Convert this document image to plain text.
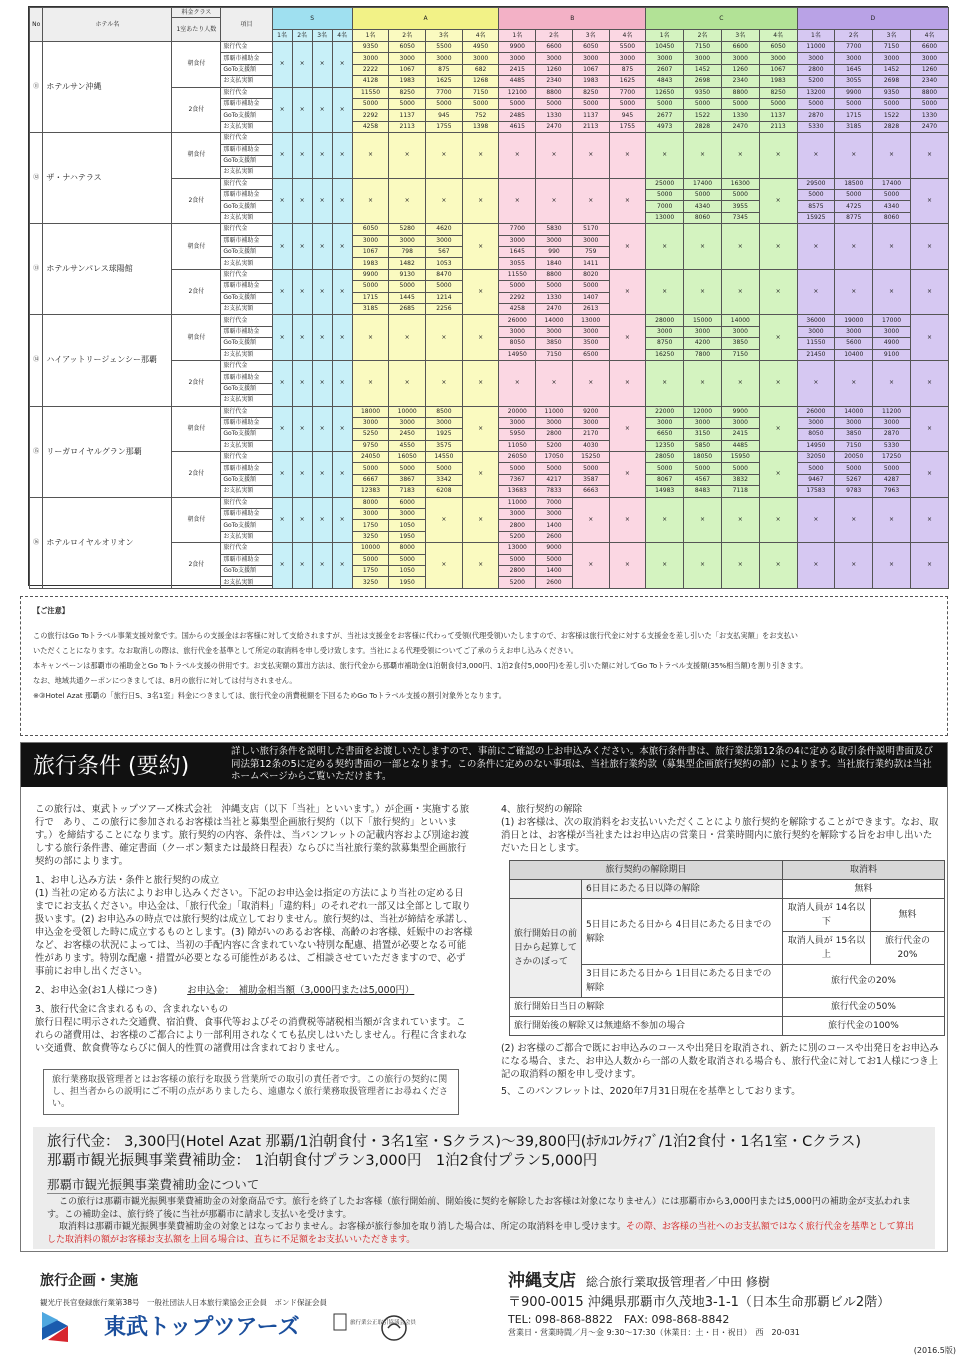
No	ホテル名	料金クラス	項目	S				A				B				C				D			
		1室あたり人数																					
				1名	2名	3名	4名	1名	2名	3名	4名	1名	2名	3名	4名	1名	2名	3名	4名	1名	2名	3名	4名
⑪	ホテルサン沖縄	朝食付	旅行代金	×	×	×	×	9350	6050	5500	4950	9900	6600	6050	5500	10450	7150	6600	6050	11000	7700	7150	6600
			那覇市補助金					3000	3000	3000	3000	3000	3000	3000	3000	3000	3000	3000	3000	3000	3000	3000	3000
			GoTo支援額					2222	1067	875	682	2415	1260	1067	875	2607	1452	1260	1067	2800	1645	1452	1260
			お支払実額					4128	1983	1625	1268	4485	2340	1983	1625	4843	2698	2340	1983	5200	3055	2698	2340
		2食付	旅行代金	×	×	×	×	11550	8250	7700	7150	12100	8800	8250	7700	12650	9350	8800	8250	13200	9900	9350	8800
			那覇市補助金					5000	5000	5000	5000	5000	5000	5000	5000	5000	5000	5000	5000	5000	5000	5000	5000
			GoTo支援額					2292	1137	945	752	2485	1330	1137	945	2677	1522	1330	1137	2870	1715	1522	1330
			お支払実額					4258	2113	1755	1398	4615	2470	2113	1755	4973	2828	2470	2113	5330	3185	2828	2470
⑫	ザ・ナハテラス	朝食付	旅行代金	×	×	×	×	×	×	×	×	×	×	×	×	×	×	×	×	×	×	×	×
			那覇市補助金																				
			GoTo支援額																				
			お支払実額																				
		2食付	旅行代金	×	×	×	×	×	×	×	×	×	×	×	×	25000	17400	16300	×	29500	18500	17400	×
			那覇市補助金													5000	5000	5000		5000	5000	5000	
			GoTo支援額													7000	4340	3955		8575	4725	4340	
			お支払実額													13000	8060	7345		15925	8775	8060	
⑬	ホテルサンパレス球陽館	朝食付	旅行代金	×	×	×	×	6050	5280	4620	×	7700	5830	5170	×	×	×	×	×	×	×	×	×
			那覇市補助金					3000	3000	3000		3000	3000	3000									
			GoTo支援額					1067	798	567		1645	990	759									
			お支払実額					1983	1482	1053		3055	1840	1411									
		2食付	旅行代金	×	×	×	×	9900	9130	8470	×	11550	8800	8020	×	×	×	×	×	×	×	×	×
			那覇市補助金					5000	5000	5000		5000	5000	5000									
			GoTo支援額					1715	1445	1214		2292	1330	1407									
			お支払実額					3185	2685	2256		4258	2470	2613									
⑭	ハイアットリージェンシー那覇	朝食付	旅行代金	×	×	×	×	×	×	×	×	26000	14000	13000	×	28000	15000	14000	×	36000	19000	17000	×
			那覇市補助金									3000	3000	3000		3000	3000	3000		3000	3000	3000	
			GoTo支援額									8050	3850	3500		8750	4200	3850		11550	5600	4900	
			お支払実額									14950	7150	6500		16250	7800	7150		21450	10400	9100	
		2食付	旅行代金	×	×	×	×	×	×	×	×	×	×	×	×	×	×	×	×	×	×	×	×
			那覇市補助金																				
			GoTo支援額																				
			お支払実額																				
⑮	リーガロイヤルグラン那覇	朝食付	旅行代金	×	×	×	×	18000	10000	8500	×	20000	11000	9200	×	22000	12000	9900	×	26000	14000	11200	×
			那覇市補助金					3000	3000	3000		3000	3000	3000		3000	3000	3000		3000	3000	3000	
			GoTo支援額					5250	2450	1925		5950	2800	2170		6650	3150	2415		8050	3850	2870	
			お支払実額					9750	4550	3575		11050	5200	4030		12350	5850	4485		14950	7150	5330	
		2食付	旅行代金	×	×	×	×	24050	16050	14550	×	26050	17050	15250	×	28050	18050	15950	×	32050	20050	17250	×
			那覇市補助金					5000	5000	5000		5000	5000	5000		5000	5000	5000		5000	5000	5000	
			GoTo支援額					6667	3867	3342		7367	4217	3587		8067	4567	3832		9467	5267	4287	
			お支払実額					12383	7183	6208		13683	7833	6663		14983	8483	7118		17583	9783	7963	
⑯	ホテルロイヤルオリオン	朝食付	旅行代金	×	×	×	×	8000	6000	×	×	11000	7000	×	×	×	×	×	×	×	×	×	×
			那覇市補助金					3000	3000			3000	3000										
			GoTo支援額					1750	1050			2800	1400										
			お支払実額					3250	1950			5200	2600										
		2食付	旅行代金	×	×	×	×	10000	8000	×	×	13000	9000	×	×	×	×	×	×	×	×	×	×
			那覇市補助金					5000	5000			5000	5000										
			GoTo支援額					1750	1050			2800	1400										
			お支払実額					3250	1950			5200	2600										
【ご注意】
この旅行はGo Toトラベル事業支援対象です。国からの支援金はお客様に対して支給されますが、当社は支援金をお客様に代わって受領(代理受領)いたしますので、お客様は旅行代金に対する支援金を差し引いた「お支払実額」をお支払い
いただくことになります。なお取消しの際は、旅行代金を基準として所定の取消料を申し受け致します。当社による代理受領についてご了承のうえお申し込みください。
本キャンペーンは那覇市の補助金とGo Toトラベル支援の併用です。お支払実額の算出方法は、旅行代金から那覇市補助金(1泊朝食付3,000円、1泊2食付5,000円)を差し引いた額に対してGo Toトラベル支援額(35%相当額)を割り引きます。
なお、地域共通クーポンにつきましては、8月の旅行に対しては付与されません。
※③Hotel Azat 那覇の「旅行日S、3名1室」料金につきましては、旅行代金の消費税額を下回るためGo Toトラベル支援の割引対象外となります。
旅行条件 (要約)
詳しい旅行条件を説明した書面をお渡しいたしますので、事前にご確認の上お申込みください。本旅行条件書は、旅行業法第12条の4に定める取引条件説明書面及び同法第12条の5に定める契約書面の一部となります。この条件に定めのない事項は、当社旅行業約款（募集型企画旅行契約の部）によります。当社旅行業約款は当社ホームページからご覧いただけます。
この旅行は、東武トップツアーズ株式会社　沖縄支店（以下「当社」といいます。）が企画・実施する旅行で　あり、この旅行に参加されるお客様は当社と募集型企画旅行契約（以下「旅行契約」といいます。）を締結することになります。旅行契約の内容、条件は、当パンフレットの記載内容および別途お渡しする旅行条件書、確定書面（クーポン類または最終日程表）ならびに当社旅行業約款募集型企画旅行契約の部によります。
1、お申し込み方法・条件と旅行契約の成立
(1) 当社の定める方法によりお申し込みください。下記のお申込金は指定の方法により当社の定める日までにお支払ください。申込金は、「旅行代金」「取消料」「違約料」のそれぞれ一部又は全部として取り扱います。(2) お申込みの時点では旅行契約は成立しておりません。旅行契約は、当社が締結を承諾し、申込金を受領した時に成立するものとします。(3) 障がいのあるお客様、高齢のお客様、妊娠中のお客様など、お客様の状況によっては、当初の手配内容に含まれていない特別な配慮、措置が必要となる可能性があります。特別な配慮・措置が必要となる可能性があるは、ご相談させていただきますので、必ず事前にお申し出ください。
2、お申込金(お1人様につき)	お申込金：　補助金相当額（3,000円または5,000円）
3、旅行代金に含まれるもの、含まれないもの
旅行日程に明示された交通費、宿泊費、食事代等およびその消費税等諸税相当額が含まれています。これらの諸費用は、お客様のご都合により一部利用されなくても払戻しはいたしません。行程に含まれない交通費、飲食費等ならびに個人的性質の諸費用は含まれておりません。
旅行業務取扱管理者とはお客様の旅行を取扱う営業所での取引の責任者です。この旅行の契約に関し、担当者からの説明にご不明の点がありましたら、遠慮なく旅行業務取扱管理者にお尋ねください。
4、旅行契約の解除
(1) お客様は、次の取消料をお支払いいただくことにより旅行契約を解除することができます。なお、取消日とは、お客様が当社またはお申込店の営業日・営業時間内に旅行契約を解除する旨をお申し出いただいた日とします。
旅行契約の解除期日		取消料	
	6日目にあたる日以降の解除	無料	
旅行開始日の前日から起算してさかのぼって	5日目にあたる日から 4日目にあたる日までの解除	取消人員が 14名以下	無料
		取消人員が 15名以上	旅行代金の 20%
	3日目にあたる日から 1日目にあたる日までの解除	旅行代金の20%	
旅行開始日当日の解除		旅行代金の50%	
旅行開始後の解除又は無連絡不参加の場合		旅行代金の100%	
(2) お客様のご都合で既にお申込みのコースや出発日を取消され、新たに別のコースや出発日をお申込みになる場合、また、お申込人数から一部の人数を取消される場合も、旅行代金に対してお1人様につき上記の取消料の額を申し受けます。
5、このパンフレットは、2020年7月31日現在を基準としております。
旅行代金： 3,300円(Hotel Azat 那覇/1泊朝食付・3名1室・Sクラス)～39,800円(ﾎﾃﾙｺﾚｸﾃｨﾌﾞ/1泊2食付・1名1室・Cクラス)
那覇市観光振興事業費補助金： 1泊朝食付プラン3,000円　1泊2食付プラン5,000円
那覇市観光振興事業費補助金について
この旅行は那覇市観光振興事業費補助金の対象商品です。旅行を終了したお客様（旅行開始前、開始後に契約を解除したお客様は対象になりません）には那覇市から3,000円または5,000円の補助金が支払われます。この補助金は、旅行終了後に当社が那覇市に請求し支払いを受けます。
取消料は那覇市観光振興事業費補助金の対象とはなっておりません。お客様が旅行参加を取り消した場合は、所定の取消料を申し受けます。その際、お客様の当社へのお支払額ではなく旅行代金を基準として算出した取消料の額がお客様お支払額を上回る場合は、直ちに不足額をお支払いいただきます。
旅行企画・実施
観光庁長官登録旅行業第38号　一般社団法人日本旅行業協会正会員　ボンド保証会員
東武トップツアーズ	旅行業公正取引協議会会員
沖縄支店 総合旅行業取扱管理者／中田 修樹
〒900-0015 沖縄県那覇市久茂地3-1-1（日本生命那覇ビル2階）
TEL: 098-868-8822　FAX: 098-868-8842
営業日・営業時間／月～金 9:30～17:30（休業日：土・日・祝日）　西　20-031
(2016.5版)
